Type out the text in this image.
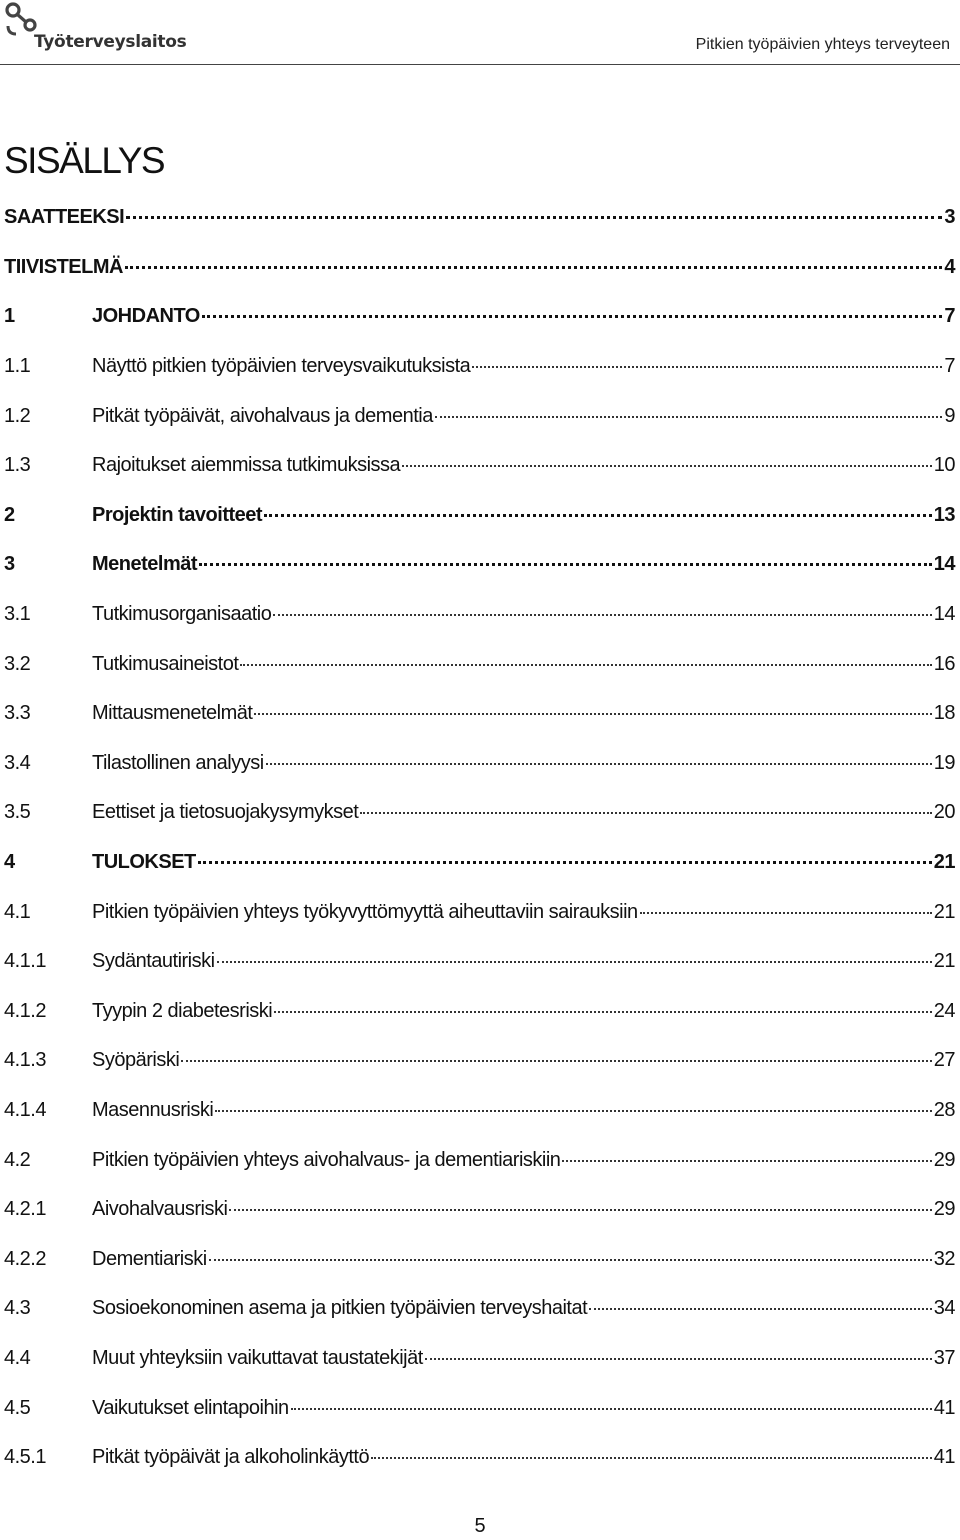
Työterveyslaitos	Pitkien työpäivien yhteys terveyteen
SISÄLLYS
SAATTEEKSI	3
TIIVISTELMÄ	4
1	JOHDANTO	7
1.1	Näyttö pitkien työpäivien terveysvaikutuksista	7
1.2	Pitkät työpäivät, aivohalvaus ja dementia	9
1.3	Rajoitukset aiemmissa tutkimuksissa	10
2	Projektin tavoitteet	13
3	Menetelmät	14
3.1	Tutkimusorganisaatio	14
3.2	Tutkimusaineistot	16
3.3	Mittausmenetelmät	18
3.4	Tilastollinen analyysi	19
3.5	Eettiset ja tietosuojakysymykset	20
4	TULOKSET	21
4.1	Pitkien työpäivien yhteys työkyvyttömyyttä aiheuttaviin sairauksiin	21
4.1.1 Sydäntautiriski	21
4.1.2 Tyypin 2 diabetesriski	24
4.1.3 Syöpäriski	27
4.1.4 Masennusriski	28
4.2	Pitkien työpäivien yhteys aivohalvaus- ja dementiariskiin	29
4.2.1 Aivohalvausriski	29
4.2.2 Dementiariski	32
4.3	Sosioekonominen asema ja pitkien työpäivien terveyshaitat	34
4.4	Muut yhteyksiin vaikuttavat taustatekijät	37
4.5	Vaikutukset elintapoihin	41
4.5.1 Pitkät työpäivät ja alkoholinkäyttö	41
5
